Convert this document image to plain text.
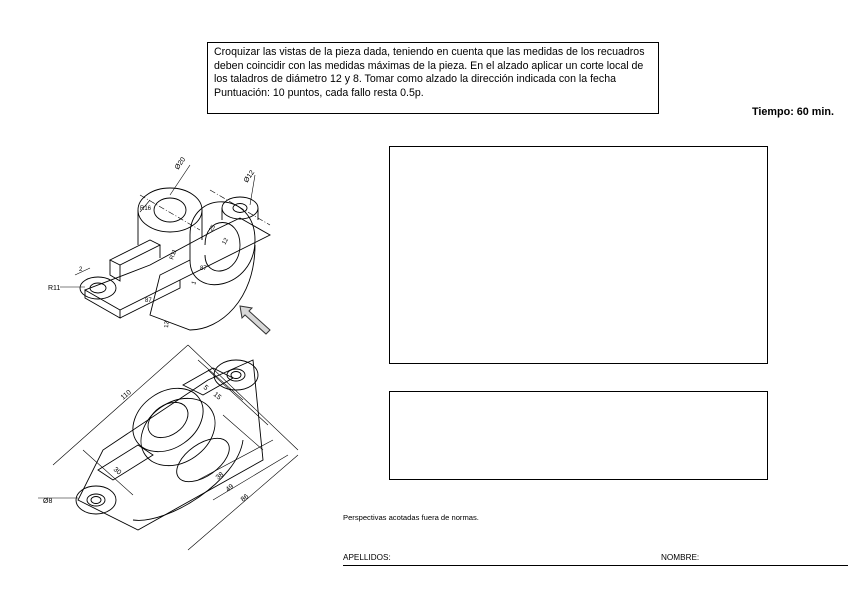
Croquizar las vistas de la pieza dada, teniendo en cuenta que las medidas de los recuadros
deben coincidir con las medidas máximas de la pieza. En el alzado aplicar un corte local de
los taladros de diámetro 12 y 8. Tomar como alzado la dirección indicada con la fecha
Puntuación: 10 puntos, cada fallo resta 0.5p.
Tiempo: 60 min.
Perspectivas acotadas fuera de normas.
APELLIDOS:	NOMBRE:
Ø20
Ø12
R11
R16
R11
25
12
87
87
1
2
12
110
5
15
30	38
49
86
Ø8
